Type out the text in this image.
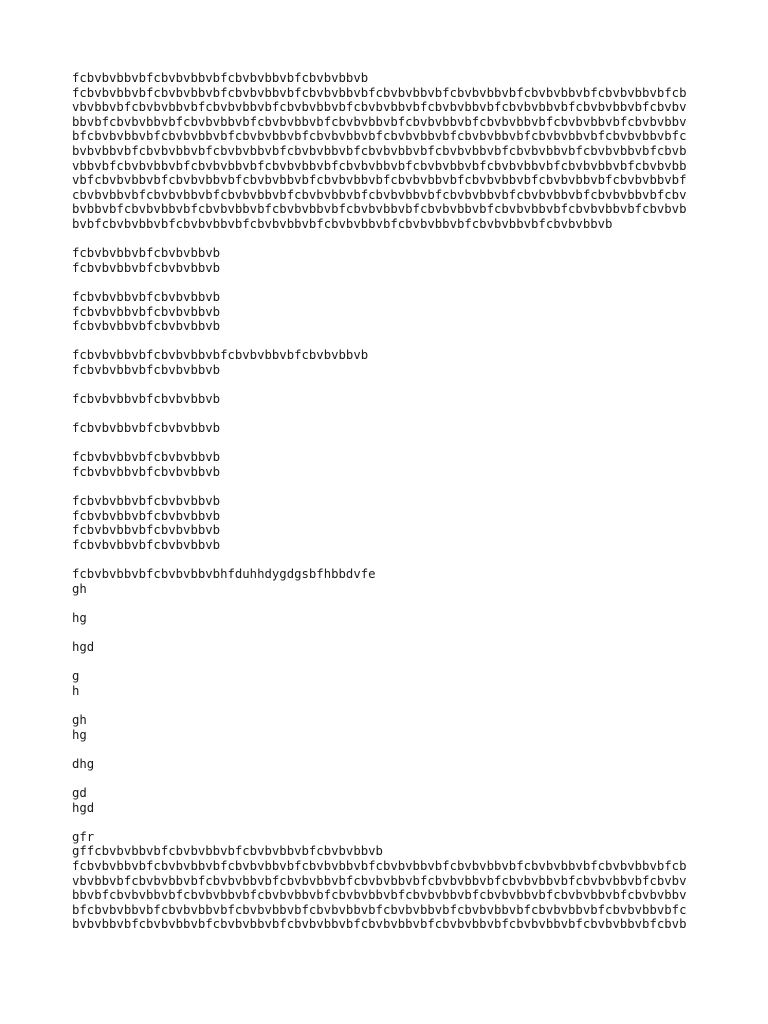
fcbvbvbbvbfcbvbvbbvbfcbvbvbbvbfcbvbvbbvb
fcbvbvbbvbfcbvbvbbvbfcbvbvbbvbfcbvbvbbvbfcbvbvbbvbfcbvbvbbvbfcbvbvbbvbfcbvbvbbvbfcb
vbvbbvbfcbvbvbbvbfcbvbvbbvbfcbvbvbbvbfcbvbvbbvbfcbvbvbbvbfcbvbvbbvbfcbvbvbbvbfcbvbv
bbvbfcbvbvbbvbfcbvbvbbvbfcbvbvbbvbfcbvbvbbvbfcbvbvbbvbfcbvbvbbvbfcbvbvbbvbfcbvbvbbv
bfcbvbvbbvbfcbvbvbbvbfcbvbvbbvbfcbvbvbbvbfcbvbvbbvbfcbvbvbbvbfcbvbvbbvbfcbvbvbbvbfc
bvbvbbvbfcbvbvbbvbfcbvbvbbvbfcbvbvbbvbfcbvbvbbvbfcbvbvbbvbfcbvbvbbvbfcbvbvbbvbfcbvb
vbbvbfcbvbvbbvbfcbvbvbbvbfcbvbvbbvbfcbvbvbbvbfcbvbvbbvbfcbvbvbbvbfcbvbvbbvbfcbvbvbb
vbfcbvbvbbvbfcbvbvbbvbfcbvbvbbvbfcbvbvbbvbfcbvbvbbvbfcbvbvbbvbfcbvbvbbvbfcbvbvbbvbf
cbvbvbbvbfcbvbvbbvbfcbvbvbbvbfcbvbvbbvbfcbvbvbbvbfcbvbvbbvbfcbvbvbbvbfcbvbvbbvbfcbv
bvbbvbfcbvbvbbvbfcbvbvbbvbfcbvbvbbvbfcbvbvbbvbfcbvbvbbvbfcbvbvbbvbfcbvbvbbvbfcbvbvb
bvbfcbvbvbbvbfcbvbvbbvbfcbvbvbbvbfcbvbvbbvbfcbvbvbbvbfcbvbvbbvbfcbvbvbbvb
fcbvbvbbvbfcbvbvbbvb
fcbvbvbbvbfcbvbvbbvb
fcbvbvbbvbfcbvbvbbvb
fcbvbvbbvbfcbvbvbbvb
fcbvbvbbvbfcbvbvbbvb
fcbvbvbbvbfcbvbvbbvbfcbvbvbbvbfcbvbvbbvb
fcbvbvbbvbfcbvbvbbvb
fcbvbvbbvbfcbvbvbbvb
fcbvbvbbvbfcbvbvbbvb
fcbvbvbbvbfcbvbvbbvb
fcbvbvbbvbfcbvbvbbvb
fcbvbvbbvbfcbvbvbbvb
fcbvbvbbvbfcbvbvbbvb
fcbvbvbbvbfcbvbvbbvb
fcbvbvbbvbfcbvbvbbvb
fcbvbvbbvbfcbvbvbbvbhfduhhdygdgsbfhbbdvfe
gh
hg
hgd
g
h
gh
hg
dhg
gd
hgd
gfr
gffcbvbvbbvbfcbvbvbbvbfcbvbvbbvbfcbvbvbbvb
fcbvbvbbvbfcbvbvbbvbfcbvbvbbvbfcbvbvbbvbfcbvbvbbvbfcbvbvbbvbfcbvbvbbvbfcbvbvbbvbfcb
vbvbbvbfcbvbvbbvbfcbvbvbbvbfcbvbvbbvbfcbvbvbbvbfcbvbvbbvbfcbvbvbbvbfcbvbvbbvbfcbvbv
bbvbfcbvbvbbvbfcbvbvbbvbfcbvbvbbvbfcbvbvbbvbfcbvbvbbvbfcbvbvbbvbfcbvbvbbvbfcbvbvbbv
bfcbvbvbbvbfcbvbvbbvbfcbvbvbbvbfcbvbvbbvbfcbvbvbbvbfcbvbvbbvbfcbvbvbbvbfcbvbvbbvbfc
bvbvbbvbfcbvbvbbvbfcbvbvbbvbfcbvbvbbvbfcbvbvbbvbfcbvbvbbvbfcbvbvbbvbfcbvbvbbvbfcbvb
